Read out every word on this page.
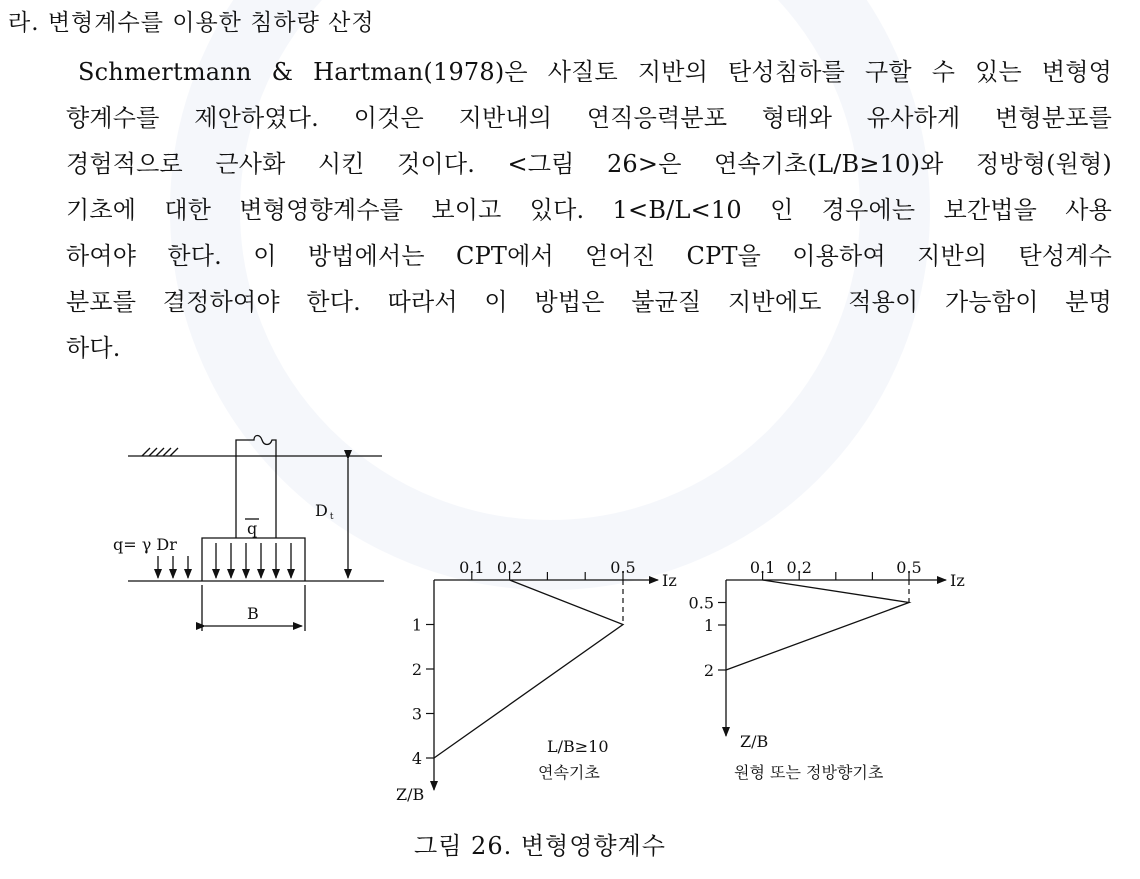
라. 변형계수를 이용한 침하량 산정
Schmertmann & Hartman(1978)은 사질토 지반의 탄성침하를 구할 수 있는 변형영
향계수를 제안하였다. 이것은 지반내의 연직응력분포 형태와 유사하게 변형분포를
경험적으로 근사화 시킨 것이다. <그림 26>은 연속기초(L/B≥10)와 정방형(원형)
기초에 대한 변형영향계수를 보이고 있다. 1<B/L<10 인 경우에는 보간법을 사용
하여야 한다. 이 방법에서는 CPT에서 얻어진 CPT을 이용하여 지반의 탄성계수
분포를 결정하여야 한다. 따라서 이 방법은 불균질 지반에도 적용이 가능함이 분명
하다.
q= γ Dr
q
Dt
B
0.1 0.2	0.5
1
2
3
4
Iz
Z/B
L/B≥10
연속기초
0.1 0.2	0.5
0.5
1
2
Iz
Z/B
원형 또는 정방향기초
그림 26. 변형영향계수
